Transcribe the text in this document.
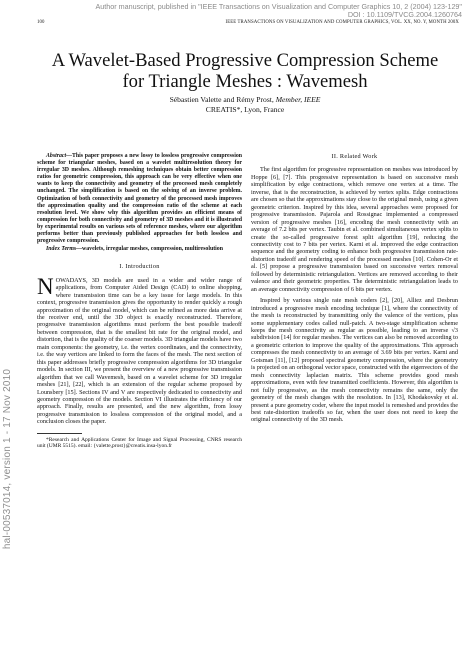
Author manuscript, published in "IEEE Transactions on Visualization and Computer Graphics 10, 2 (2004) 123-129"
DOI : 10.1109/TVCG.2004.1260764
100	IEEE TRANSACTIONS ON VISUALIZATION AND COMPUTER GRAPHICS, VOL. XX, NO. Y, MONTH 200X
hal-00537014, version 1 - 17 Nov 2010
A Wavelet-Based Progressive Compression Scheme
for Triangle Meshes : Wavemesh
Sébastien Valette and Rémy Prost, Member, IEEE
CREATIS*, Lyon, France

Abstract—This paper proposes a new lossy to lossless progressive compression scheme for triangular meshes, based on a wavelet multiresolution theory for irregular 3D meshes. Although remeshing techniques obtain better compression ratios for geometric compression, this approach can be very effective when one wants to keep the connectivity and geometry of the processed mesh completely unchanged. The simplification is based on the solving of an inverse problem. Optimization of both connectivity and geometry of the processed mesh improves the approximation quality and the compression ratio of the scheme at each resolution level. We show why this algorithm provides an efficient means of compression for both connectivity and geometry of 3D meshes and it is illustrated by experimental results on various sets of reference meshes, where our algorithm performs better than previously published approaches for both lossless and progressive compression.

Index Terms—wavelets, irregular meshes, compression, multiresolution

I. Introduction

NOWADAYS, 3D models are used in a wider and wider range of applications, from Computer Aided Design (CAD) to online shopping, where transmission time can be a key issue for large models. In this context, progressive transmission gives the opportunity to render quickly a rough approximation of the original model, which can be refined as more data arrive at the receiver end, until the 3D object is exactly reconstructed. Therefore, progressive transmission algorithms must perform the best possible tradeoff between compression, that is the smallest bit rate for the original model, and distortion, that is the quality of the coarser models. 3D triangular models have two main components: the geometry, i.e. the vertex coordinates, and the connectivity, i.e. the way vertices are linked to form the faces of the mesh. The next section of this paper addresses briefly progressive compression algorithms for 3D triangular models. In section III, we present the overview of a new progressive transmission algorithm that we call Wavemesh, based on a wavelet scheme for 3D irregular meshes [21], [22], which is an extension of the regular scheme proposed by Lounsbery [15]. Sections IV and V are respectively dedicated to connectivity and geometry compression of the models. Section VI illustrates the efficiency of our approach. Finally, results are presented, and the new algorithm, from lossy progressive transmission to lossless compression of the original model, and a conclusion closes the paper.

*Research and Applications Center for Image and Signal Processing, CNRS research unit (UMR 5515). email: {valette,prost}@creatis.insa-lyon.fr

II. Related Work

The first algorithm for progressive representation on meshes was introduced by Hoppe [6], [7]. This progressive representation is based on successive mesh simplification by edge contractions, which remove one vertex at a time. The inverse, that is the reconstruction, is achieved by vertex splits. Edge contractions are chosen so that the approximations stay close to the original mesh, using a given geometric criterion. Inspired by this idea, several approaches were proposed for progressive transmission. Pajarola and Rossignac implemented a compressed version of progressive meshes [16], encoding the mesh connectivity with an average of 7.2 bits per vertex. Taubin et al. combined simultaneous vertex splits to create the so-called progressive forest split algorithm [19], reducing the connectivity cost to 7 bits per vertex. Karni et al. improved the edge contraction sequence and the geometry coding to enhance both progressive transmission rate-distortion tradeoff and rendering speed of the processed meshes [10]. Cohen-Or et al. [5] propose a progressive transmission based on successive vertex removal followed by deterministic retriangulation. Vertices are removed according to their valence and their geometric properties. The deterministic retriangulation leads to an average connectivity compression of 6 bits per vertex.

Inspired by various single rate mesh coders [2], [20], Alliez and Desbrun introduced a progressive mesh encoding technique [1], where the connectivity of the mesh is reconstructed by transmitting only the valence of the vertices, plus some supplementary codes called null-patch. A two-stage simplification scheme keeps the mesh connectivity as regular as possible, leading to an inverse √3 subdivision [14] for regular meshes. The vertices can also be removed according to a geometric criterion to improve the quality of the approximations. This approach compresses the mesh connectivity to an average of 3.69 bits per vertex. Karni and Gotsman [11], [12] proposed spectral geometry compression, where the geometry is projected on an orthogonal vector space, constructed with the eigenvectors of the mesh connectivity laplacian matrix. This scheme provides good mesh approximations, even with few transmitted coefficients. However, this algorithm is not fully progressive, as the mesh connectivity remains the same, only the geometry of the mesh changes with the resolution. In [13], Khodakovsky et al. present a pure geometry coder, where the input model is remeshed and provides the best rate-distortion tradeoffs so far, when the user does not need to keep the original connectivity of the 3D mesh.
